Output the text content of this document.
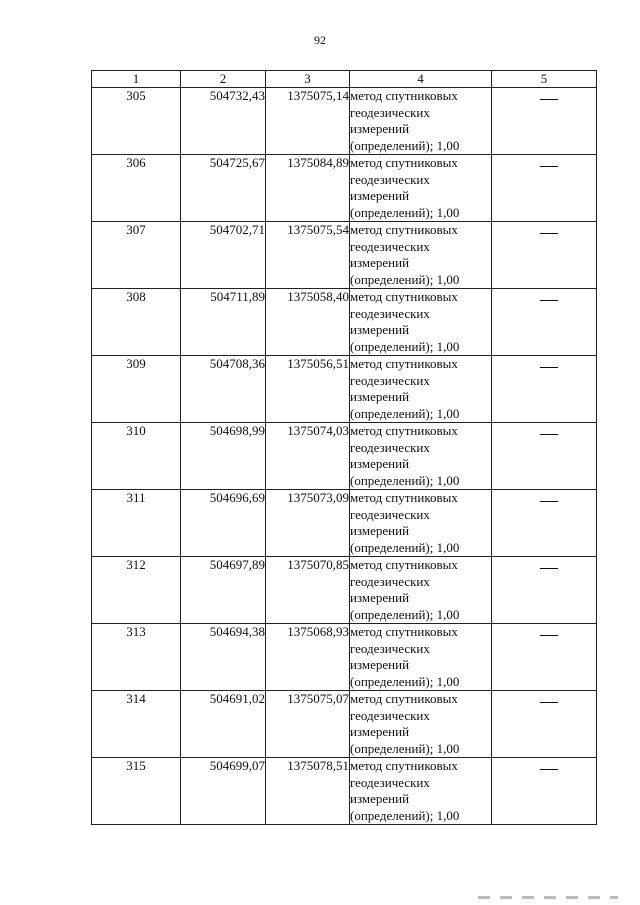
92
1	2	3	4	5
305	504732,43	1375075,14	метод спутниковых геодезических измерений (определений); 1,00	
306	504725,67	1375084,89	метод спутниковых геодезических измерений (определений); 1,00	
307	504702,71	1375075,54	метод спутниковых геодезических измерений (определений); 1,00	
308	504711,89	1375058,40	метод спутниковых геодезических измерений (определений); 1,00	
309	504708,36	1375056,51	метод спутниковых геодезических измерений (определений); 1,00	
310	504698,99	1375074,03	метод спутниковых геодезических измерений (определений); 1,00	
311	504696,69	1375073,09	метод спутниковых геодезических измерений (определений); 1,00	
312	504697,89	1375070,85	метод спутниковых геодезических измерений (определений); 1,00	
313	504694,38	1375068,93	метод спутниковых геодезических измерений (определений); 1,00	
314	504691,02	1375075,07	метод спутниковых геодезических измерений (определений); 1,00	
315	504699,07	1375078,51	метод спутниковых геодезических измерений (определений); 1,00	
